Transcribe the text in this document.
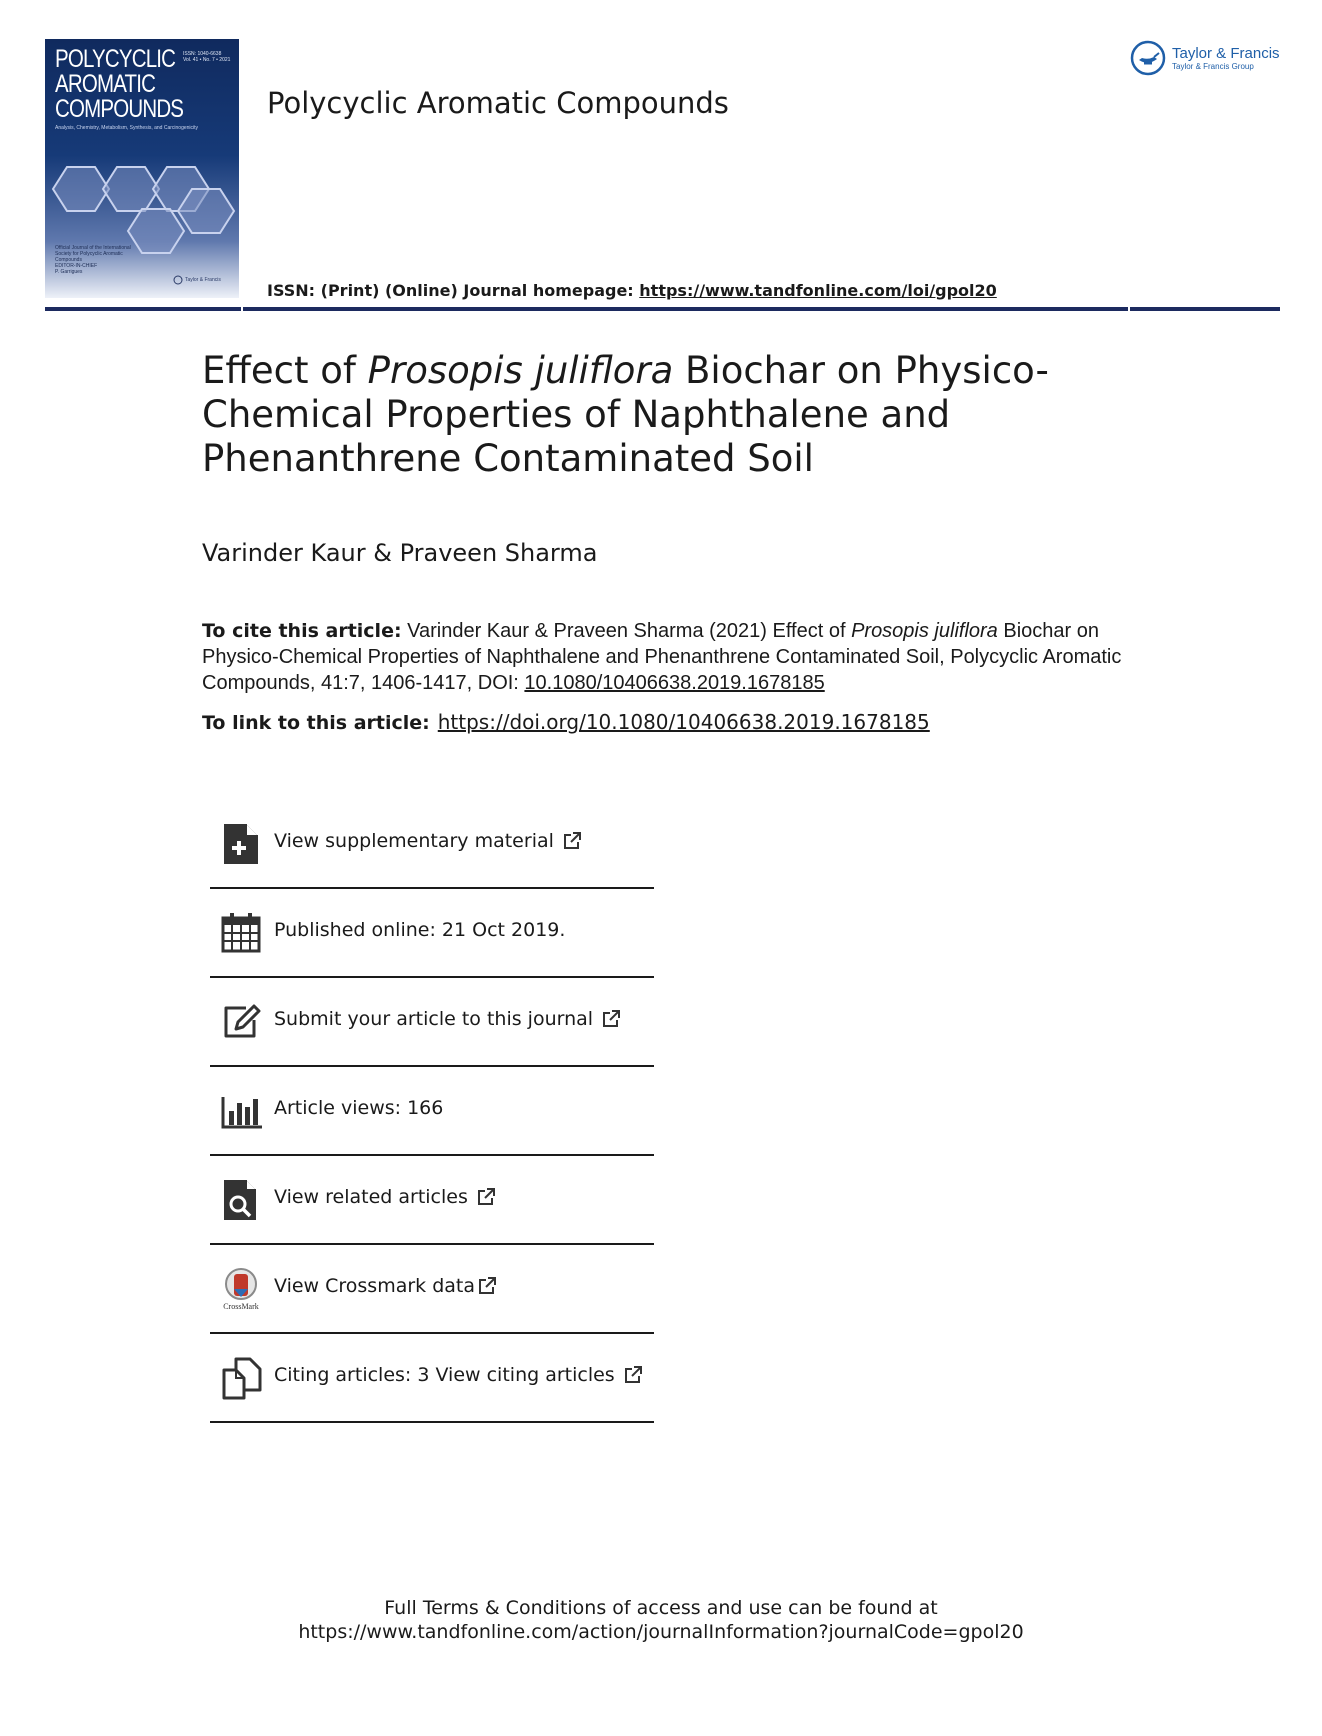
POLYCYCLIC
AROMATIC
COMPOUNDS
ISSN: 1040-6638
Vol. 41 • No. 7 • 2021
Analysis, Chemistry, Metabolism, Synthesis, and Carcinogenicity
Official Journal of the International Society for Polycyclic Aromatic Compounds
EDITOR-IN-CHIEF
P. Garrigues
Taylor & Francis
Polycyclic Aromatic Compounds
ISSN: (Print) (Online) Journal homepage: https://www.tandfonline.com/loi/gpol20
Taylor & Francis
Taylor & Francis Group
Effect of Prosopis juliflora Biochar on Physico-Chemical Properties of Naphthalene and Phenanthrene Contaminated Soil
Varinder Kaur & Praveen Sharma
To cite this article: Varinder Kaur & Praveen Sharma (2021) Effect of Prosopis juliflora Biochar on Physico-Chemical Properties of Naphthalene and Phenanthrene Contaminated Soil, Polycyclic Aromatic Compounds, 41:7, 1406-1417, DOI: 10.1080/10406638.2019.1678185
To link to this article: https://doi.org/10.1080/10406638.2019.1678185
View supplementary material
Published online: 21 Oct 2019.
Submit your article to this journal
Article views: 166
View related articles
CrossMark
View Crossmark data
Citing articles: 3 View citing articles
Full Terms & Conditions of access and use can be found at
https://www.tandfonline.com/action/journalInformation?journalCode=gpol20
